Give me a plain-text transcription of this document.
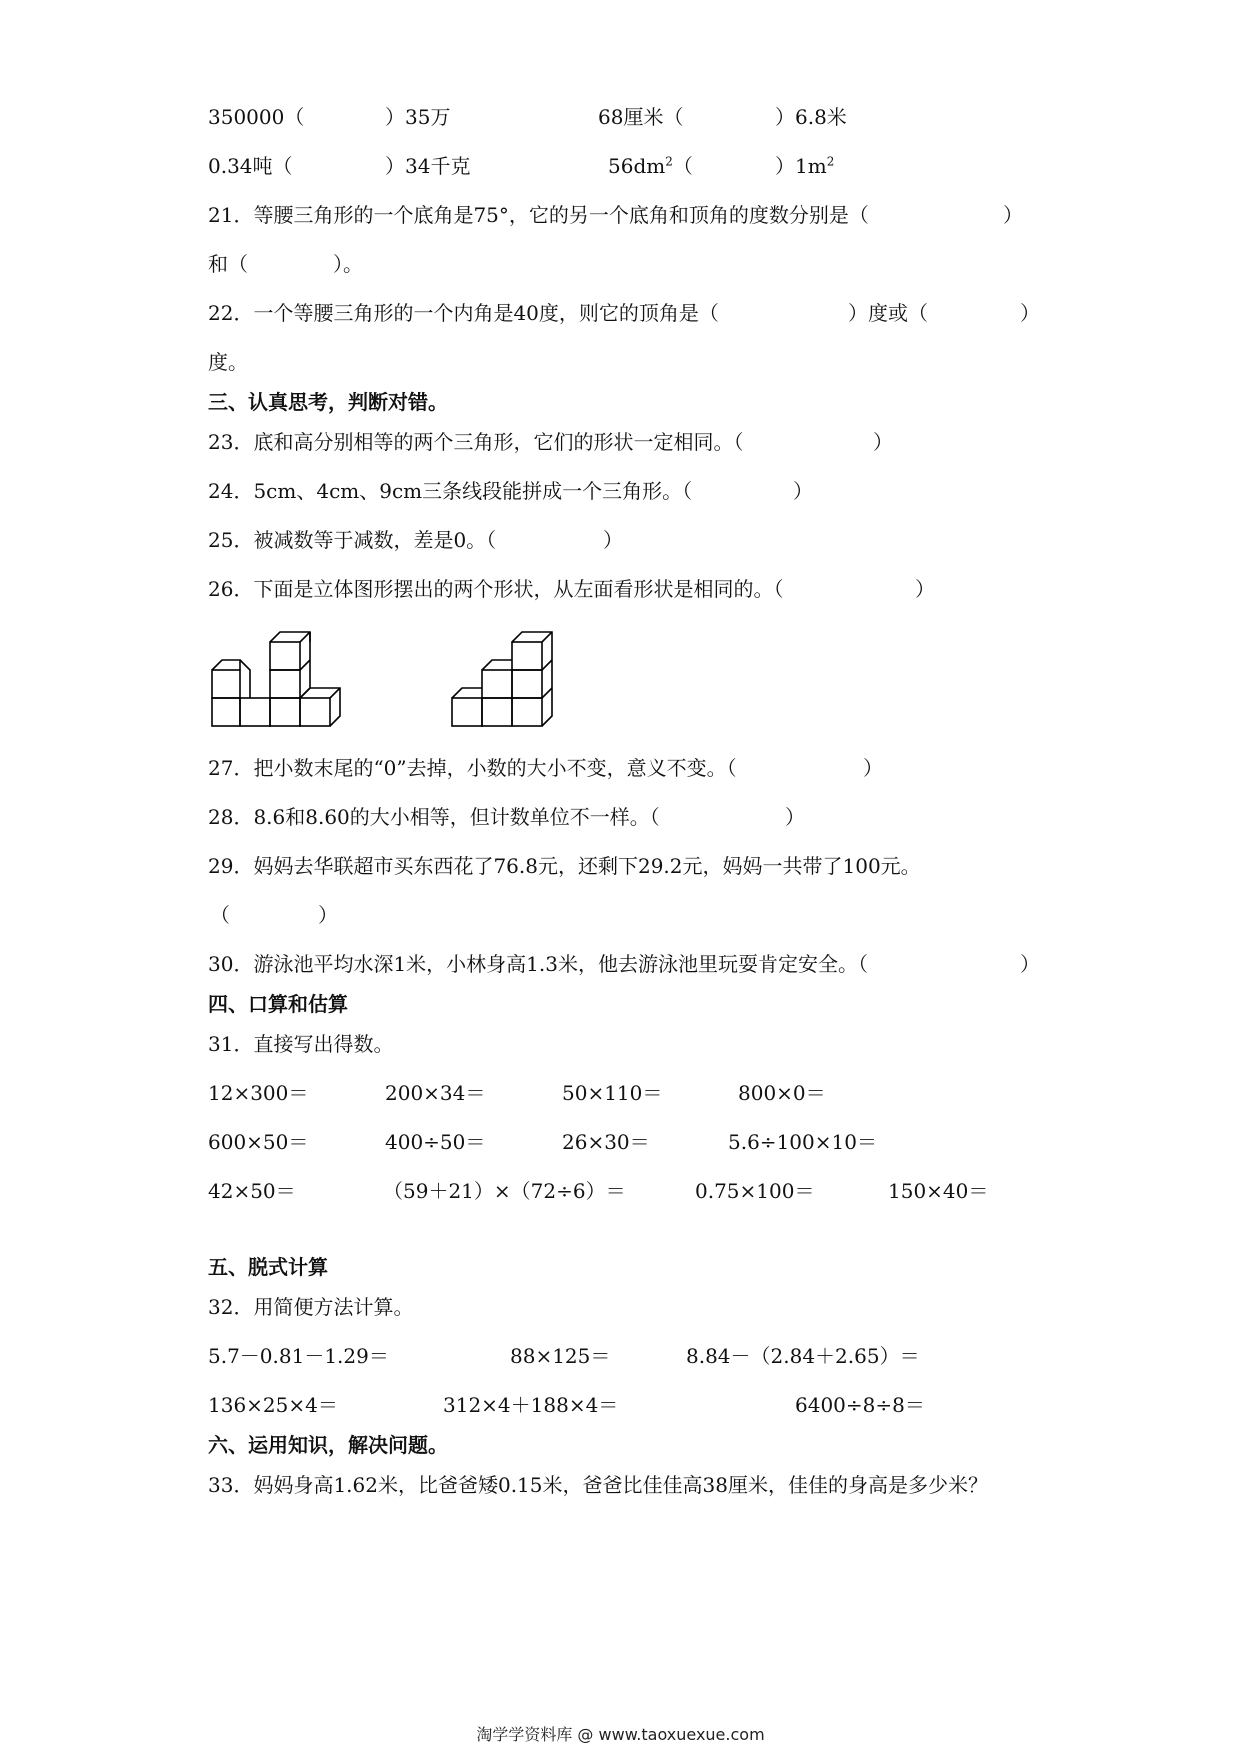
350000（	）35万	68厘米（	）6.8米
0.34吨（	）34千克	$56dm^2$（	）$1m^2$
21．等腰三角形的一个底角是75°，它的另一个底角和顶角的度数分别是（	）
和（	）。
22．一个等腰三角形的一个内角是40度，则它的顶角是（	）度或（	）
度。
三、认真思考，判断对错。
23．底和高分别相等的两个三角形，它们的形状一定相同。（	）
24．5cm、4cm、9cm三条线段能拼成一个三角形。（	）
25．被减数等于减数，差是0。（	）
26．下面是立体图形摆出的两个形状，从左面看形状是相同的。（	）
27．把小数末尾的“0”去掉，小数的大小不变，意义不变。（	）
28．8.6和8.60的大小相等，但计数单位不一样。（	）
29．妈妈去华联超市买东西花了76.8元，还剩下29.2元，妈妈一共带了100元。
（	）
30．游泳池平均水深1米，小林身高1.3米，他去游泳池里玩耍肯定安全。（	）
四、口算和估算
31．直接写出得数。
12×300＝	200×34＝	50×110＝	800×0＝
600×50＝	400÷50＝	26×30＝	5.6÷100×10＝
42×50＝	（59＋21）×（72÷6）＝	0.75×100＝	150×40＝
五、脱式计算
32．用简便方法计算。
5.7－0.81－1.29＝	88×125＝	8.84－（2.84＋2.65）＝
136×25×4＝	312×4＋188×4＝	6400÷8÷8＝
六、运用知识，解决问题。
33．妈妈身高1.62米，比爸爸矮0.15米，爸爸比佳佳高38厘米，佳佳的身高是多少米？
淘学学资料库 @ www.taoxuexue.com
